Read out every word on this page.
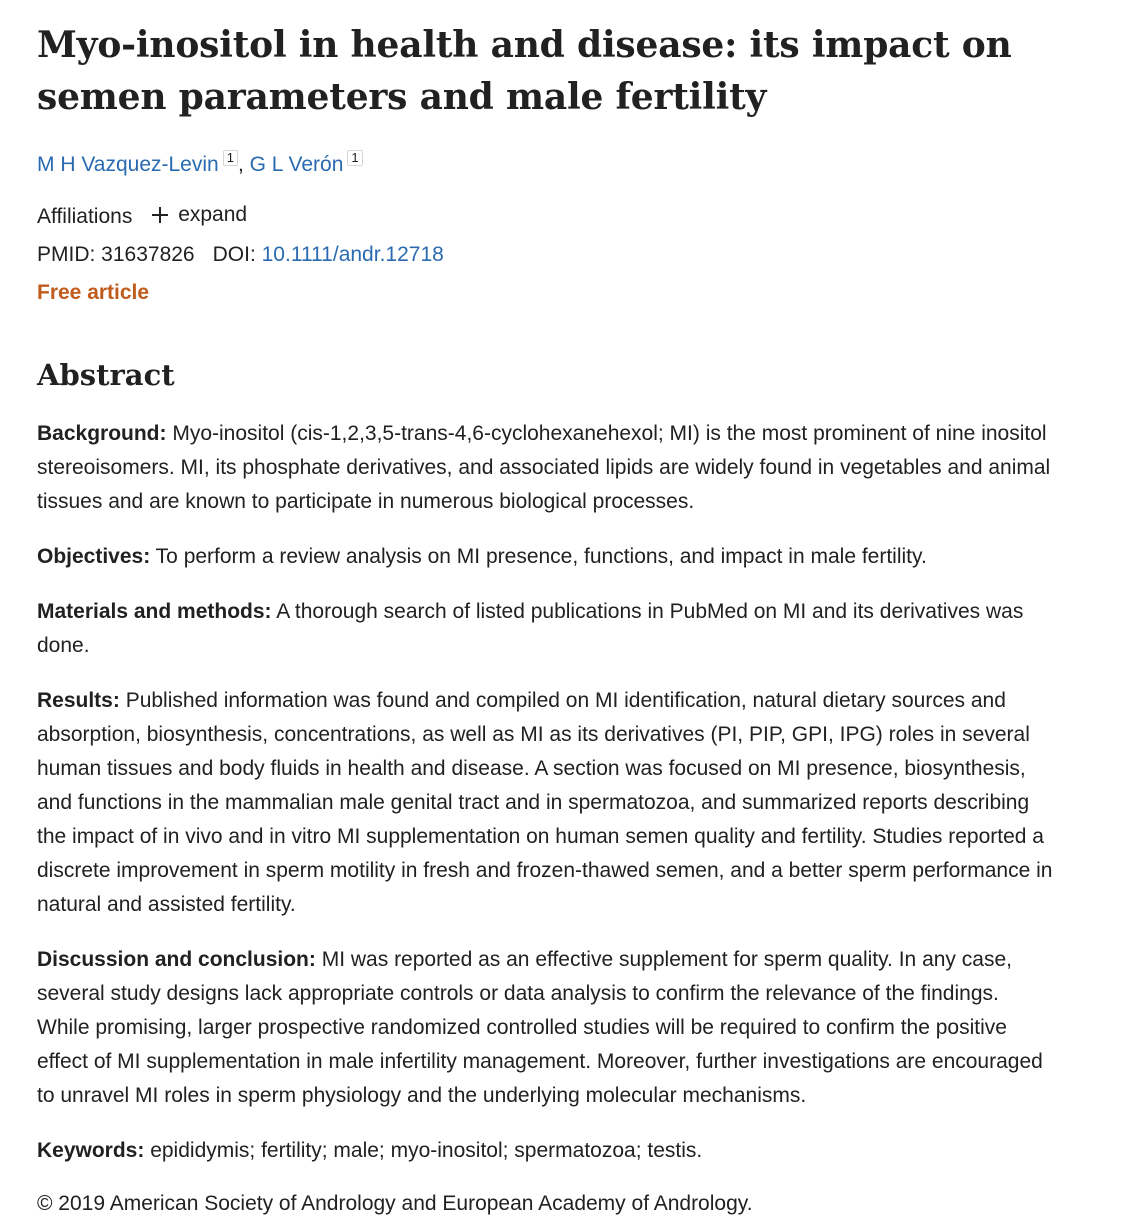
Myo-inositol in health and disease: its impact on semen parameters and male fertility
M H Vazquez-Levin 1 , G L Verón 1
Affiliations expand
PMID: 31637826 DOI: 10.1111/andr.12718
Free article
Abstract

Background: Myo-inositol (cis-1,2,3,5-trans-4,6-cyclohexanehexol; MI) is the most prominent of nine inositol stereoisomers. MI, its phosphate derivatives, and associated lipids are widely found in vegetables and animal tissues and are known to participate in numerous biological processes.

Objectives: To perform a review analysis on MI presence, functions, and impact in male fertility.

Materials and methods: A thorough search of listed publications in PubMed on MI and its derivatives was done.

Results: Published information was found and compiled on MI identification, natural dietary sources and absorption, biosynthesis, concentrations, as well as MI as its derivatives (PI, PIP, GPI, IPG) roles in several human tissues and body fluids in health and disease. A section was focused on MI presence, biosynthesis, and functions in the mammalian male genital tract and in spermatozoa, and summarized reports describing the impact of in vivo and in vitro MI supplementation on human semen quality and fertility. Studies reported a discrete improvement in sperm motility in fresh and frozen-thawed semen, and a better sperm performance in natural and assisted fertility.

Discussion and conclusion: MI was reported as an effective supplement for sperm quality. In any case, several study designs lack appropriate controls or data analysis to confirm the relevance of the findings. While promising, larger prospective randomized controlled studies will be required to confirm the positive effect of MI supplementation in male infertility management. Moreover, further investigations are encouraged to unravel MI roles in sperm physiology and the underlying molecular mechanisms.

Keywords: epididymis; fertility; male; myo-inositol; spermatozoa; testis.

© 2019 American Society of Andrology and European Academy of Andrology.
